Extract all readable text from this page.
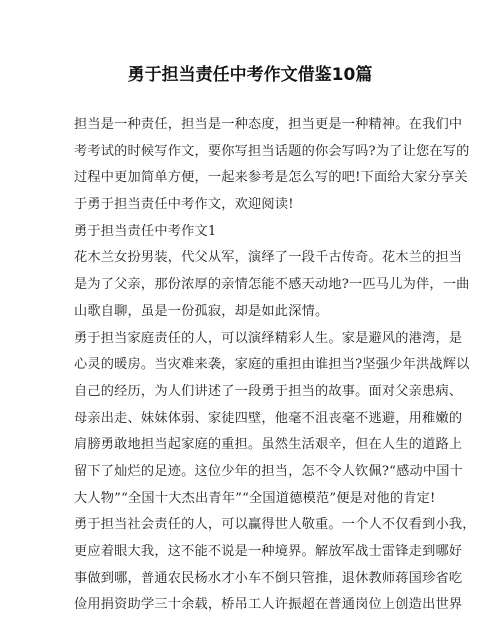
勇于担当责任中考作文借鉴10篇
担当是一种责任，担当是一种态度，担当更是一种精神。在我们中
考考试的时候写作文，要你写担当话题的你会写吗?为了让您在写的
过程中更加简单方便，一起来参考是怎么写的吧!下面给大家分享关
于勇于担当责任中考作文，欢迎阅读!
勇于担当责任中考作文1
花木兰女扮男装，代父从军，演绎了一段千古传奇。花木兰的担当
是为了父亲，那份浓厚的亲情怎能不感天动地?一匹马儿为伴，一曲
山歌自聊，虽是一份孤寂，却是如此深情。
勇于担当家庭责任的人，可以演绎精彩人生。家是避风的港湾，是
心灵的暖房。当灾难来袭，家庭的重担由谁担当?坚强少年洪战辉以
自己的经历，为人们讲述了一段勇于担当的故事。面对父亲患病、
母亲出走、妹妹体弱、家徒四壁，他毫不沮丧毫不逃避，用稚嫩的
肩膀勇敢地担当起家庭的重担。虽然生活艰辛，但在人生的道路上
留下了灿烂的足迹。这位少年的担当，怎不令人钦佩?“感动中国十
大人物”“全国十大杰出青年”“全国道德模范”便是对他的肯定!
勇于担当社会责任的人，可以赢得世人敬重。一个人不仅看到小我，
更应着眼大我，这不能不说是一种境界。解放军战士雷锋走到哪好
事做到哪，普通农民杨水才小车不倒只管推，退休教师蒋国珍省吃
俭用捐资助学三十余载，桥吊工人许振超在普通岗位上创造出世界
